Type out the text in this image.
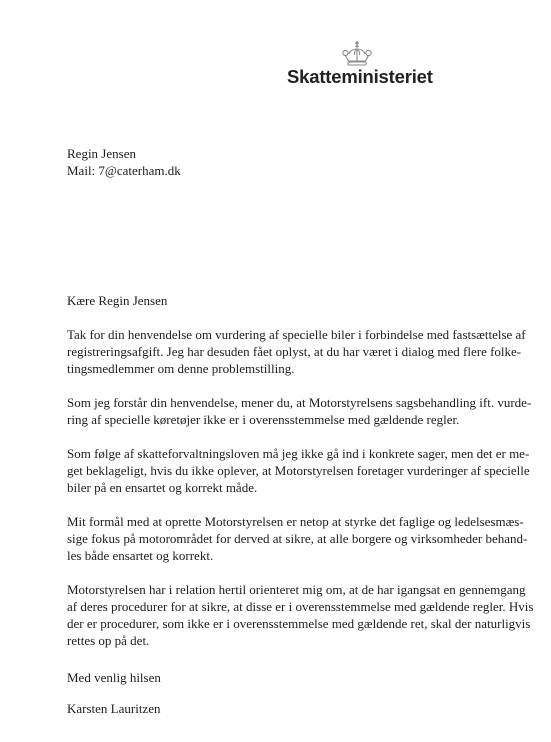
Skatteministeriet
Regin Jensen
Mail: 7@caterham.dk
Kære Regin Jensen
Tak for din henvendelse om vurdering af specielle biler i forbindelse med fastsættelse af
registreringsafgift. Jeg har desuden fået oplyst, at du har været i dialog med flere folke-
tingsmedlemmer om denne problemstilling.
Som jeg forstår din henvendelse, mener du, at Motorstyrelsens sagsbehandling ift. vurde-
ring af specielle køretøjer ikke er i overensstemmelse med gældende regler.
Som følge af skatteforvaltningsloven må jeg ikke gå ind i konkrete sager, men det er me-
get beklageligt, hvis du ikke oplever, at Motorstyrelsen foretager vurderinger af specielle
biler på en ensartet og korrekt måde.
Mit formål med at oprette Motorstyrelsen er netop at styrke det faglige og ledelsesmæs-
sige fokus på motorområdet for derved at sikre, at alle borgere og virksomheder behand-
les både ensartet og korrekt.
Motorstyrelsen har i relation hertil orienteret mig om, at de har igangsat en gennemgang
af deres procedurer for at sikre, at disse er i overensstemmelse med gældende regler. Hvis
der er procedurer, som ikke er i overensstemmelse med gældende ret, skal der naturligvis
rettes op på det.
Med venlig hilsen
Karsten Lauritzen
